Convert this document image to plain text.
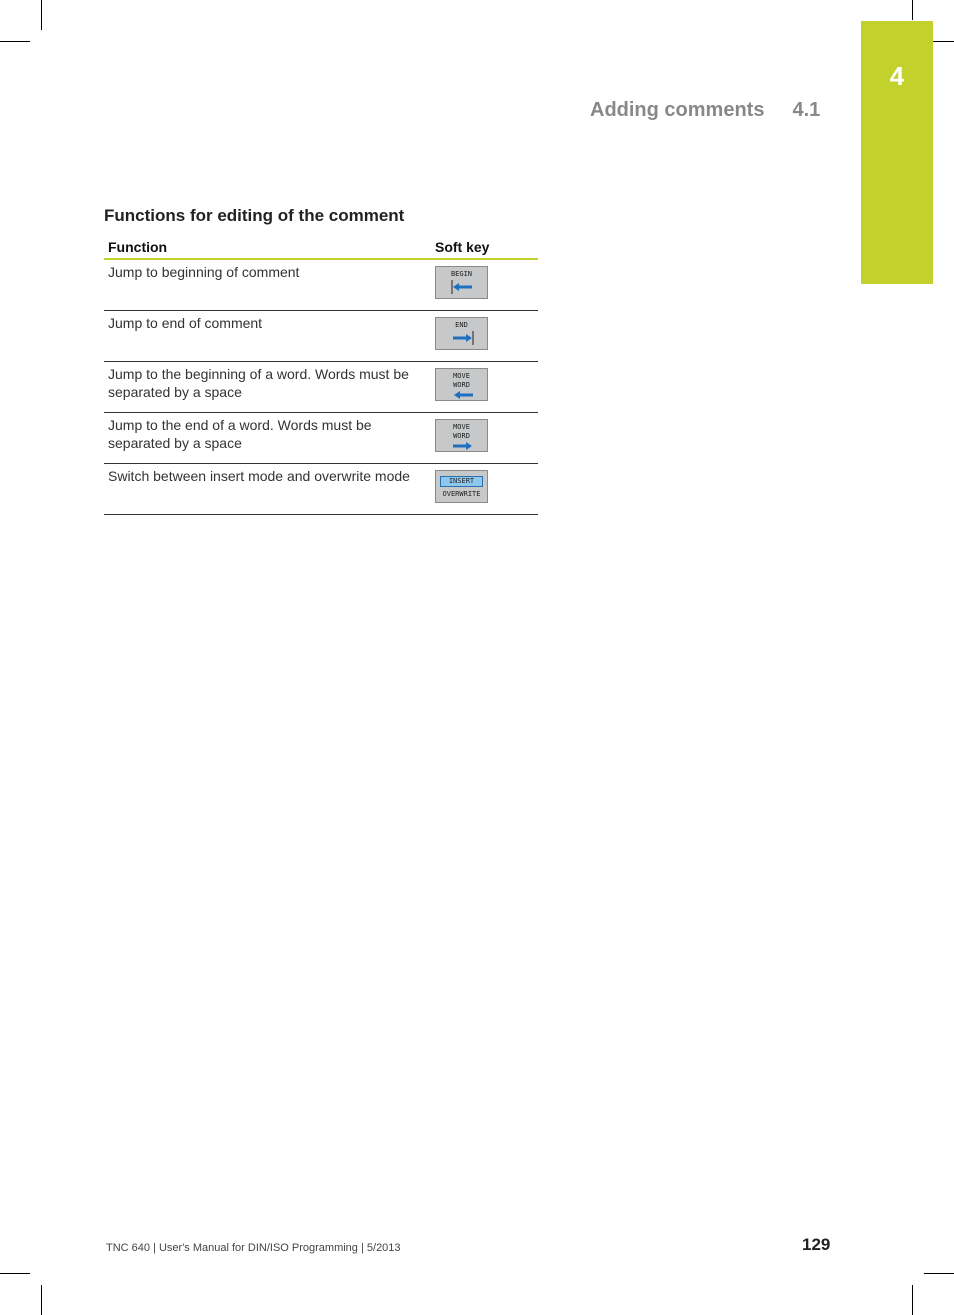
4
Adding comments 4.1
Functions for editing of the comment
Function	Soft key
Jump to beginning of comment	BEGIN

Jump to end of comment	END

Jump to the beginning of a word. Words must be separated by a space	MOVE
WORD

Jump to the end of a word. Words must be separated by a space	MOVE
WORD

Switch between insert mode and overwrite mode	INSERT
OVERWRITE
TNC 640 | User's Manual for DIN/ISO Programming | 5/2013	129
